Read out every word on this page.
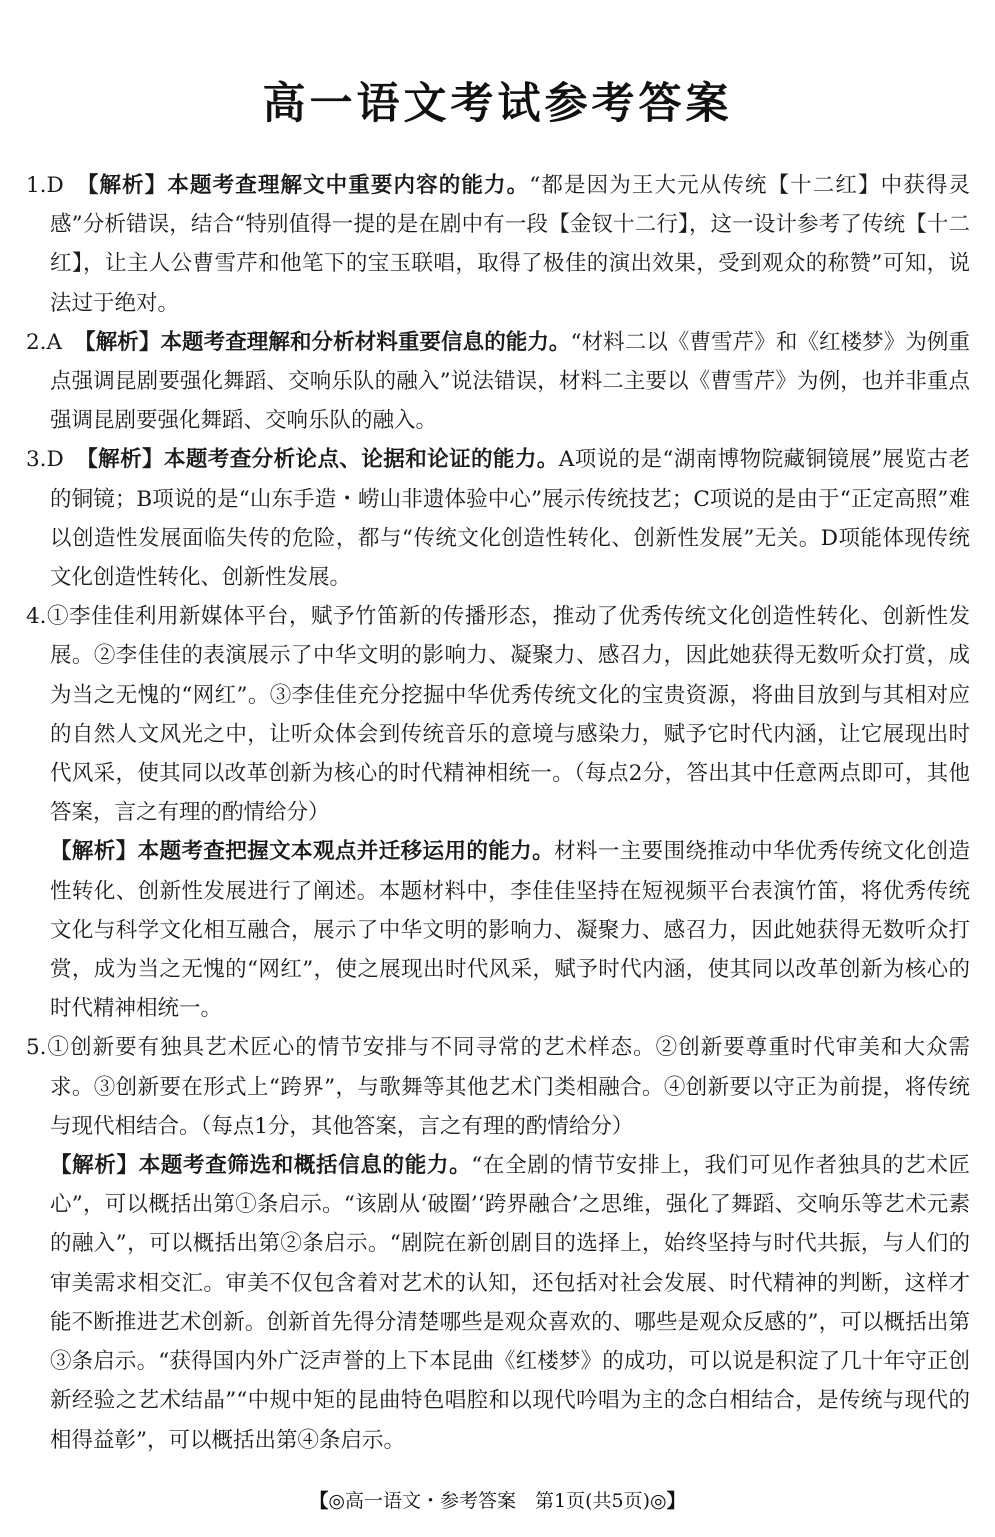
高一语文考试参考答案
1.D 【解析】本题考查理解文中重要内容的能力。“都是因为王大元从传统【十二红】中获得灵感”分析错误，结合“特别值得一提的是在剧中有一段【金钗十二行】，这一设计参考了传统【十二红】，让主人公曹雪芹和他笔下的宝玉联唱，取得了极佳的演出效果，受到观众的称赞”可知，说法过于绝对。
2.A 【解析】本题考查理解和分析材料重要信息的能力。“材料二以《曹雪芹》和《红楼梦》为例重点强调昆剧要强化舞蹈、交响乐队的融入”说法错误，材料二主要以《曹雪芹》为例，也并非重点强调昆剧要强化舞蹈、交响乐队的融入。
3.D 【解析】本题考查分析论点、论据和论证的能力。A项说的是“湖南博物院藏铜镜展”展览古老的铜镜；B项说的是“山东手造・崂山非遗体验中心”展示传统技艺；C项说的是由于“正定高照”难以创造性发展面临失传的危险，都与“传统文化创造性转化、创新性发展”无关。D项能体现传统文化创造性转化、创新性发展。
4.①李佳佳利用新媒体平台，赋予竹笛新的传播形态，推动了优秀传统文化创造性转化、创新性发展。②李佳佳的表演展示了中华文明的影响力、凝聚力、感召力，因此她获得无数听众打赏，成为当之无愧的“网红”。③李佳佳充分挖掘中华优秀传统文化的宝贵资源，将曲目放到与其相对应的自然人文风光之中，让听众体会到传统音乐的意境与感染力，赋予它时代内涵，让它展现出时代风采，使其同以改革创新为核心的时代精神相统一。（每点2分，答出其中任意两点即可，其他答案，言之有理的酌情给分）
【解析】本题考查把握文本观点并迁移运用的能力。材料一主要围绕推动中华优秀传统文化创造性转化、创新性发展进行了阐述。本题材料中，李佳佳坚持在短视频平台表演竹笛，将优秀传统文化与科学文化相互融合，展示了中华文明的影响力、凝聚力、感召力，因此她获得无数听众打赏，成为当之无愧的“网红”，使之展现出时代风采，赋予时代内涵，使其同以改革创新为核心的时代精神相统一。
5.①创新要有独具艺术匠心的情节安排与不同寻常的艺术样态。②创新要尊重时代审美和大众需求。③创新要在形式上“跨界”，与歌舞等其他艺术门类相融合。④创新要以守正为前提，将传统与现代相结合。（每点1分，其他答案，言之有理的酌情给分）
【解析】本题考查筛选和概括信息的能力。“在全剧的情节安排上，我们可见作者独具的艺术匠心”，可以概括出第①条启示。“该剧从‘破圈’‘跨界融合’之思维，强化了舞蹈、交响乐等艺术元素的融入”，可以概括出第②条启示。“剧院在新创剧目的选择上，始终坚持与时代共振，与人们的审美需求相交汇。审美不仅包含着对艺术的认知，还包括对社会发展、时代精神的判断，这样才能不断推进艺术创新。创新首先得分清楚哪些是观众喜欢的、哪些是观众反感的”，可以概括出第③条启示。“获得国内外广泛声誉的上下本昆曲《红楼梦》的成功，可以说是积淀了几十年守正创新经验之艺术结晶”“中规中矩的昆曲特色唱腔和以现代吟唱为主的念白相结合，是传统与现代的相得益彰”，可以概括出第④条启示。
【◎高一语文・参考答案　第1页(共5页)◎】
